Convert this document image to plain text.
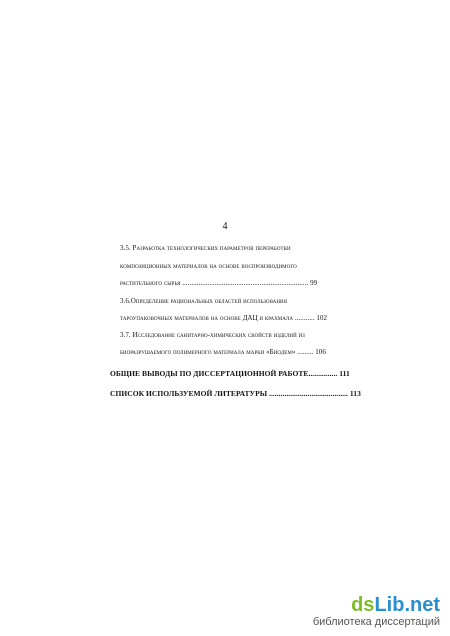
4
3.5. Разработка технологических параметров переработки
композиционных материалов на основе воспроизводимого
растительного сырья ...................................................................... 99
3.6.Определение рациональных областей использования
тароупаковочных материалов на основе ДАЦ и крахмала ........... 102
3.7. Исследование санитарно-химических свойств изделий из
биоразрушаемого полимерного материала марки «Биодем» ......... 106
ОБЩИЕ ВЫВОДЫ ПО ДИССЕРТАЦИОННОЙ РАБОТЕ............... 111
СПИСОК ИСПОЛЬЗУЕМОЙ ЛИТЕРАТУРЫ ......................................... 113
dsLib.net
библиотека диссертаций
